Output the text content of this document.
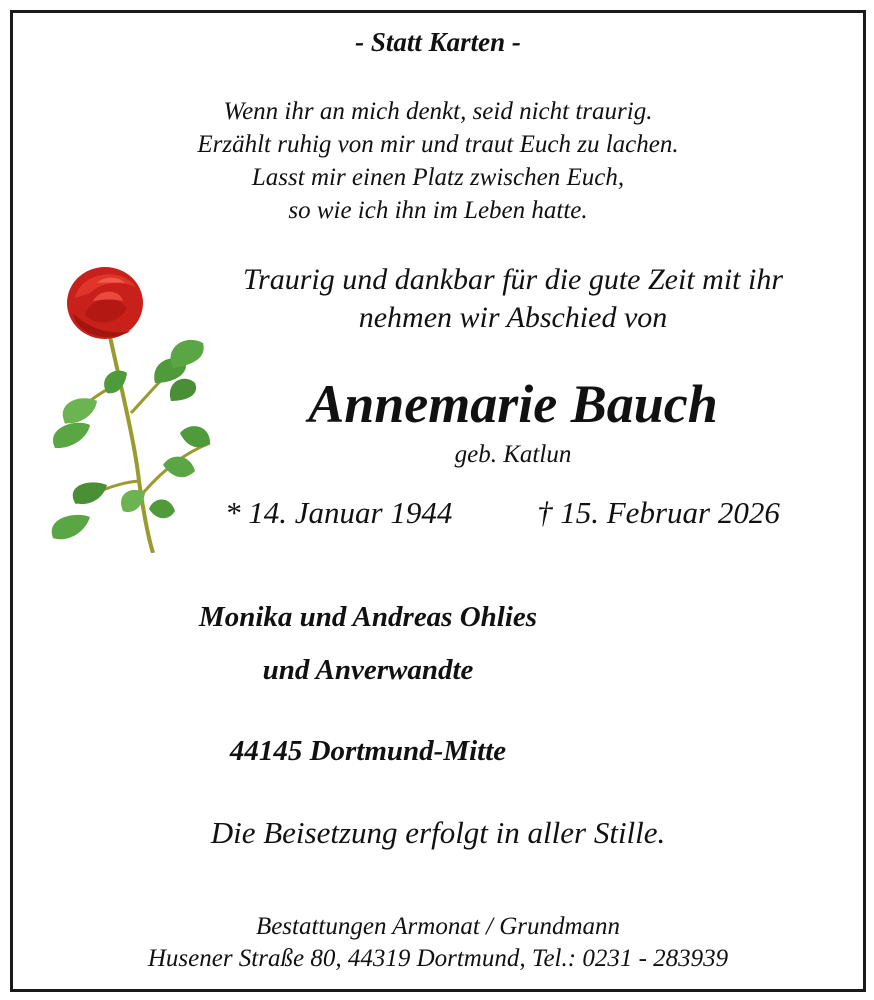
- Statt Karten -
Wenn ihr an mich denkt, seid nicht traurig.
Erzählt ruhig von mir und traut Euch zu lachen.
Lasst mir einen Platz zwischen Euch,
so wie ich ihn im Leben hatte.
Traurig und dankbar für die gute Zeit mit ihr
nehmen wir Abschied von
Annemarie Bauch
geb. Katlun
* 14. Januar 1944	† 15. Februar 2026
Monika und Andreas Ohlies
und Anverwandte
44145 Dortmund-Mitte
Die Beisetzung erfolgt in aller Stille.
Bestattungen Armonat / Grundmann
Husener Straße 80, 44319 Dortmund, Tel.: 0231 - 283939
